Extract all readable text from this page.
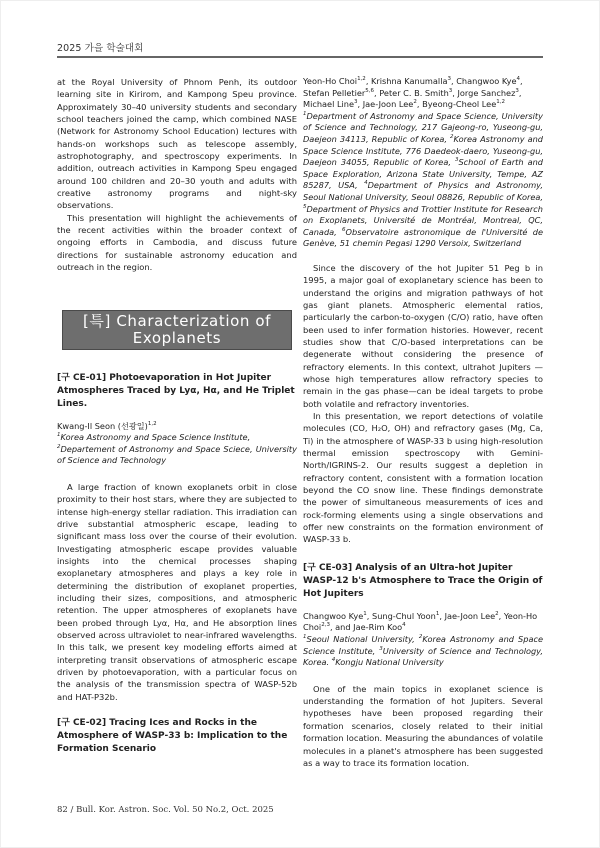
2025 가을 학술대회

at the Royal University of Phnom Penh, its outdoor learning site in Kirirom, and Kampong Speu province. Approximately 30–40 university students and secondary school teachers joined the camp, which combined NASE (Network for Astronomy School Education) lectures with hands-on workshops such as telescope assembly, astrophotography, and spectroscopy experiments. In addition, outreach activities in Kampong Speu engaged around 100 children and 20–30 youth and adults with creative astronomy programs and night-sky observations.

This presentation will highlight the achievements of the recent activities within the broader context of ongoing efforts in Cambodia, and discuss future directions for sustainable astronomy education and outreach in the region.

[특] Characterization of Exoplanets

[구 CE-01] Photoevaporation in Hot Jupiter Atmospheres Traced by Lyα, Hα, and He Triplet Lines.

Kwang-Il Seon (선광일)$^{1,2}$

$^1$Korea Astronomy and Space Science Institute,

$^2$Departement of Astronomy and Space Sciece, University of Science and Technology

A large fraction of known exoplanets orbit in close proximity to their host stars, where they are subjected to intense high-energy stellar radiation. This irradiation can drive substantial atmospheric escape, leading to significant mass loss over the course of their evolution. Investigating atmospheric escape provides valuable insights into the chemical processes shaping exoplanetary atmospheres and plays a key role in determining the distribution of exoplanet properties, including their sizes, compositions, and atmospheric retention. The upper atmospheres of exoplanets have been probed through Lyα, Hα, and He absorption lines observed across ultraviolet to near-infrared wavelengths. In this talk, we present key modeling efforts aimed at interpreting transit observations of atmospheric escape driven by photoevaporation, with a particular focus on the analysis of the transmission spectra of WASP-52b and HAT-P32b.

[구 CE-02] Tracing Ices and Rocks in the Atmosphere of WASP-33 b: Implication to the Formation Scenario

Yeon-Ho Choi$^{1,2}$, Krishna Kanumalla$^3$, Changwoo Kye$^4$, Stefan Pelletier$^{5,6}$, Peter C. B. Smith$^3$, Jorge Sanchez$^3$, Michael Line$^3$, Jae-Joon Lee$^2$, Byeong-Cheol Lee$^{1,2}$

$^1$Department of Astronomy and Space Science, University of Science and Technology, 217 Gajeong-ro, Yuseong-gu, Daejeon 34113, Republic of Korea, $^2$Korea Astronomy and Space Science Institute, 776 Daedeok-daero, Yuseong-gu, Daejeon 34055, Republic of Korea, $^3$School of Earth and Space Exploration, Arizona State University, Tempe, AZ 85287, USA, $^4$Department of Physics and Astronomy, Seoul National University, Seoul 08826, Republic of Korea, $^5$Department of Physics and Trottier Institute for Research on Exoplanets, Université de Montréal, Montreal, QC, Canada, $^6$Observatoire astronomique de l'Université de Genève, 51 chemin Pegasi 1290 Versoix, Switzerland

Since the discovery of the hot Jupiter 51 Peg b in 1995, a major goal of exoplanetary science has been to understand the origins and migration pathways of hot gas giant planets. Atmospheric elemental ratios, particularly the carbon-to-oxygen (C/O) ratio, have often been used to infer formation histories. However, recent studies show that C/O-based interpretations can be degenerate without considering the presence of refractory elements. In this context, ultrahot Jupiters —whose high temperatures allow refractory species to remain in the gas phase—can be ideal targets to probe both volatile and refractory inventories.

In this presentation, we report detections of volatile molecules (CO, H₂O, OH) and refractory gases (Mg, Ca, Ti) in the atmosphere of WASP-33 b using high-resolution thermal emission spectroscopy with Gemini-North/IGRINS-2. Our results suggest a depletion in refractory content, consistent with a formation location beyond the CO snow line. These findings demonstrate the power of simultaneous measurements of ices and rock-forming elements using a single observations and offer new constraints on the formation environment of WASP-33 b.

[구 CE-03] Analysis of an Ultra-hot Jupiter WASP-12 b's Atmosphere to Trace the Origin of Hot Jupiters

Changwoo Kye$^1$, Sung-Chul Yoon$^1$, Jae-Joon Lee$^2$, Yeon-Ho Choi$^{2,3}$, and Jae-Rim Koo$^4$

$^1$Seoul National University, $^2$Korea Astronomy and Space Science Institute, $^3$University of Science and Technology, Korea. $^4$Kongju National University

One of the main topics in exoplanet science is understanding the formation of hot Jupiters. Several hypotheses have been proposed regarding their formation scenarios, closely related to their initial formation location. Measuring the abundances of volatile molecules in a planet's atmosphere has been suggested as a way to trace its formation location.

82 / Bull. Kor. Astron. Soc. Vol. 50 No.2, Oct. 2025
